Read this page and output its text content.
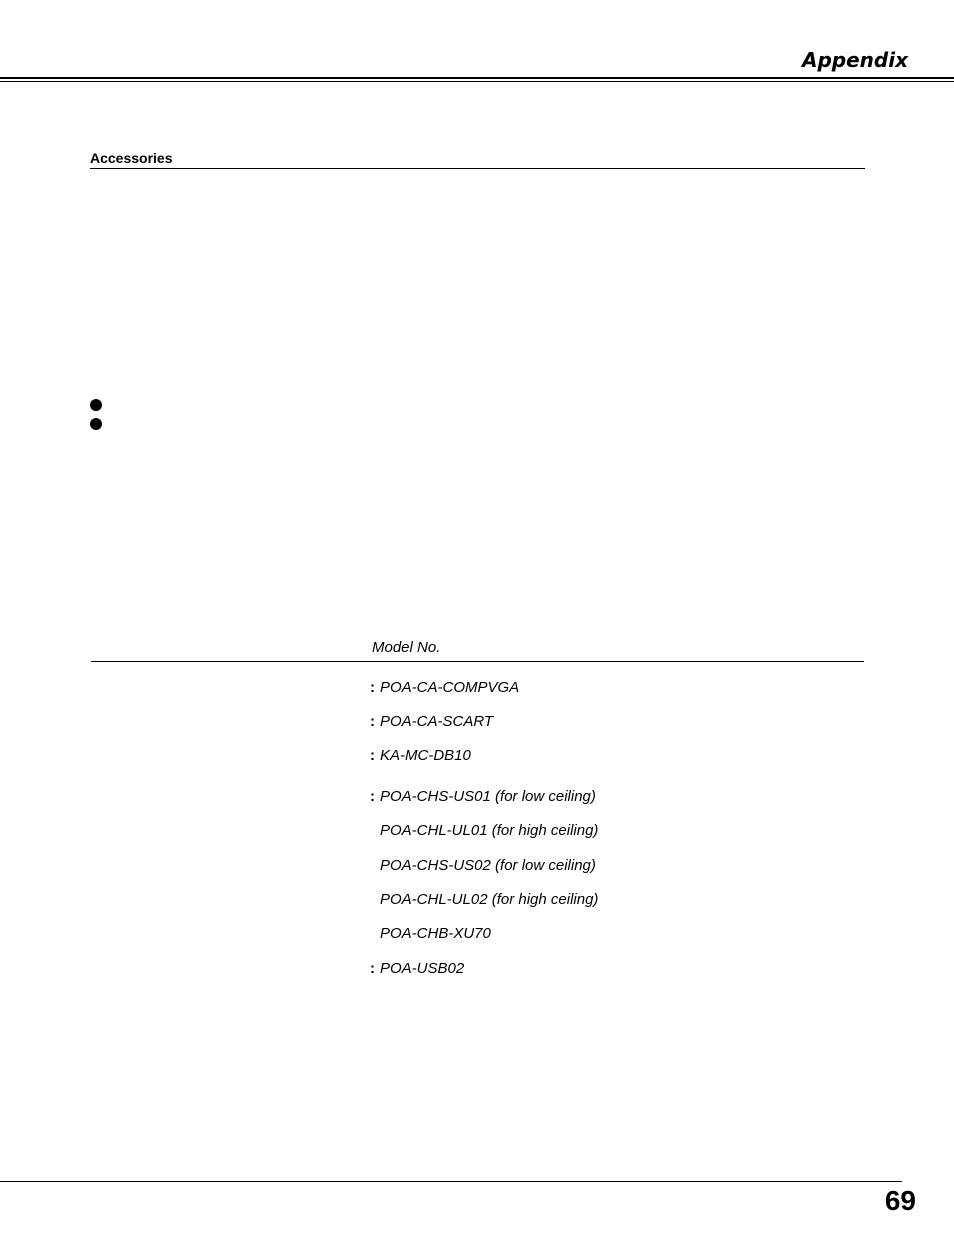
Appendix
Accessories
Model No.
: POA-CA-COMPVGA
: POA-CA-SCART
: KA-MC-DB10
: POA-CHS-US01 (for low ceiling)
POA-CHL-UL01 (for high ceiling)
POA-CHS-US02 (for low ceiling)
POA-CHL-UL02 (for high ceiling)
POA-CHB-XU70
: POA-USB02
69
